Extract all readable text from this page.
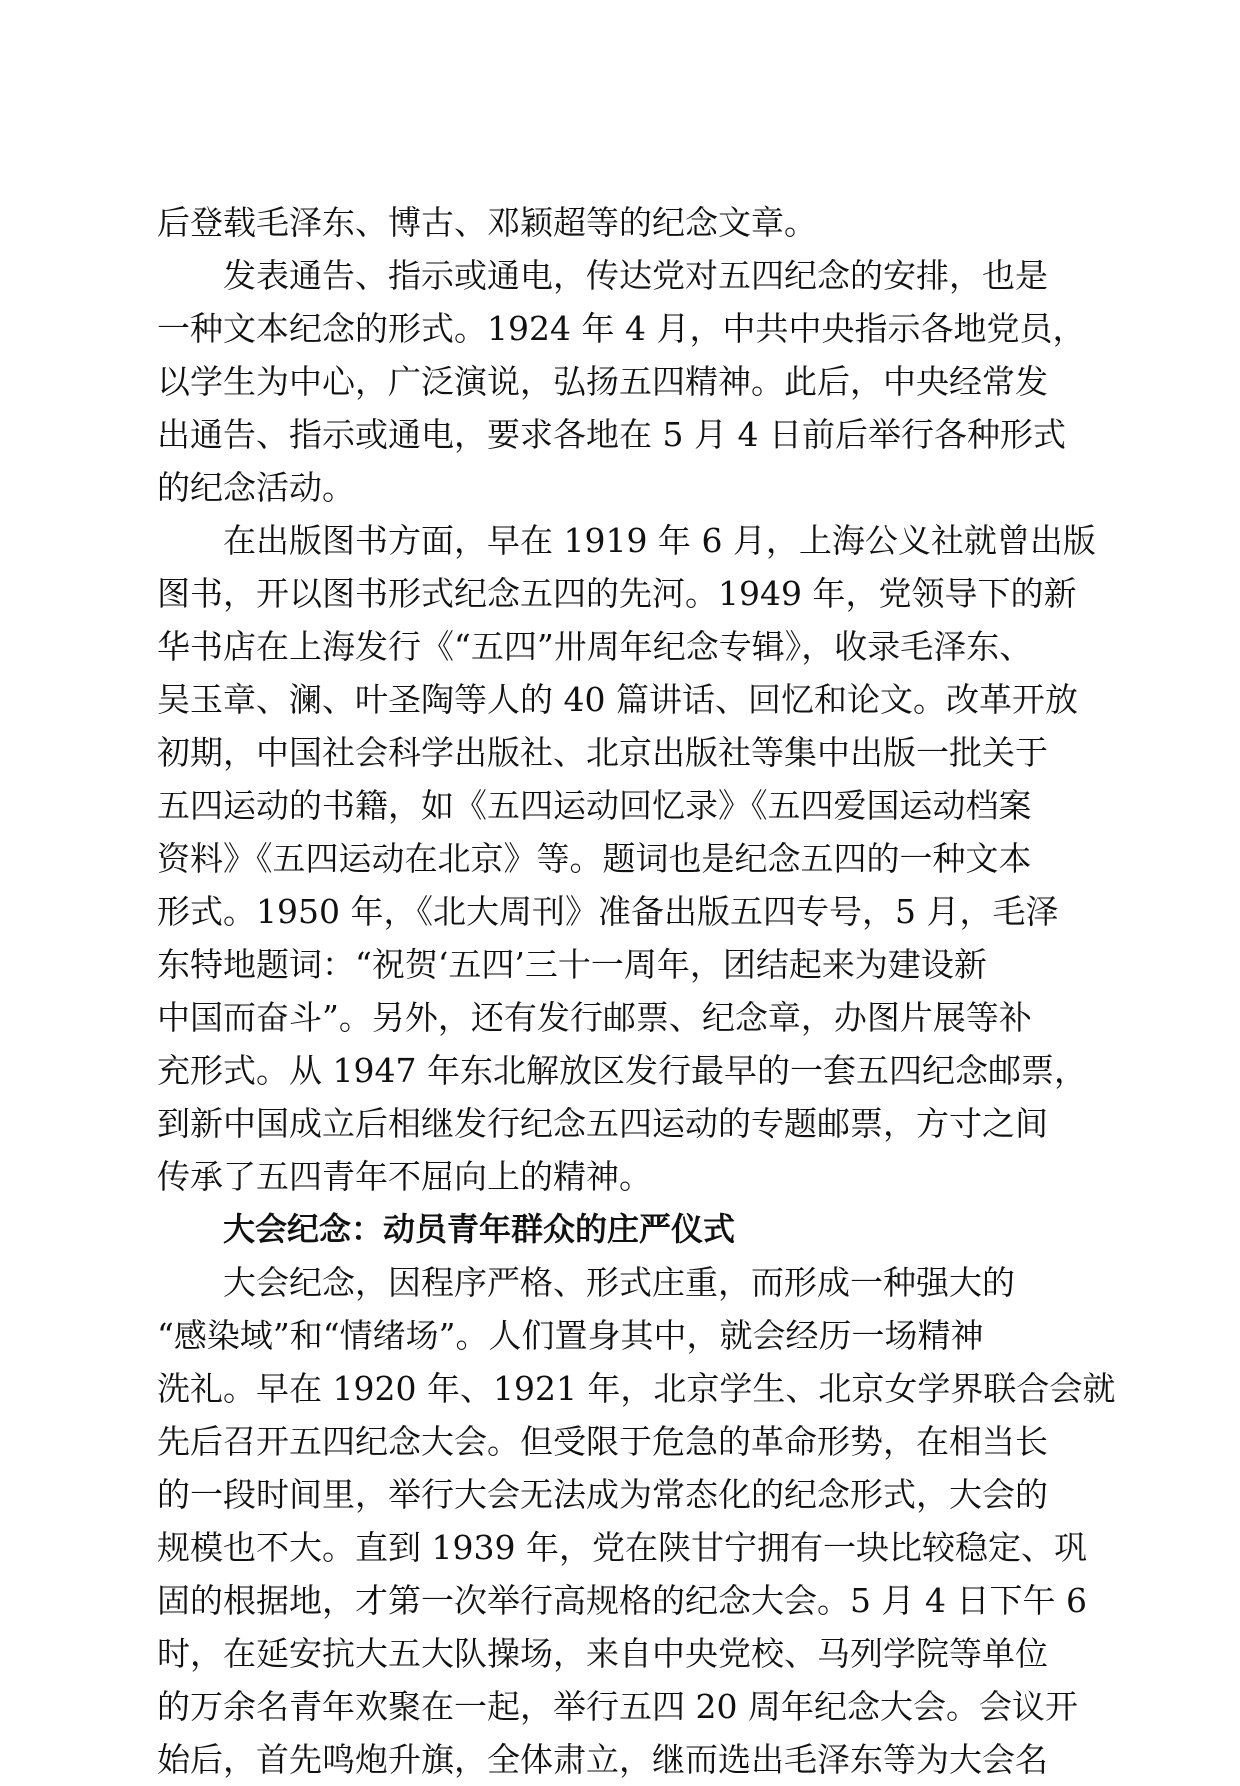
后登载毛泽东、博古、邓颖超等的纪念文章。
发表通告、指示或通电，传达党对五四纪念的安排，也是
一种文本纪念的形式。1924 年 4 月，中共中央指示各地党员，
以学生为中心，广泛演说，弘扬五四精神。此后，中央经常发
出通告、指示或通电，要求各地在 5 月 4 日前后举行各种形式
的纪念活动。
在出版图书方面，早在 1919 年 6 月，上海公义社就曾出版
图书，开以图书形式纪念五四的先河。1949 年，党领导下的新
华书店在上海发行《“五四”卅周年纪念专辑》，收录毛泽东、
吴玉章、澜、叶圣陶等人的 40 篇讲话、回忆和论文。改革开放
初期，中国社会科学出版社、北京出版社等集中出版一批关于
五四运动的书籍，如《五四运动回忆录》《五四爱国运动档案
资料》《五四运动在北京》等。题词也是纪念五四的一种文本
形式。1950 年，《北大周刊》准备出版五四专号，5 月，毛泽
东特地题词：“祝贺‘五四’三十一周年，团结起来为建设新
中国而奋斗”。另外，还有发行邮票、纪念章，办图片展等补
充形式。从 1947 年东北解放区发行最早的一套五四纪念邮票，
到新中国成立后相继发行纪念五四运动的专题邮票，方寸之间
传承了五四青年不屈向上的精神。
大会纪念：动员青年群众的庄严仪式
大会纪念，因程序严格、形式庄重，而形成一种强大的
“感染域”和“情绪场”。人们置身其中，就会经历一场精神
洗礼。早在 1920 年、1921 年，北京学生、北京女学界联合会就
先后召开五四纪念大会。但受限于危急的革命形势，在相当长
的一段时间里，举行大会无法成为常态化的纪念形式，大会的
规模也不大。直到 1939 年，党在陕甘宁拥有一块比较稳定、巩
固的根据地，才第一次举行高规格的纪念大会。5 月 4 日下午 6
时，在延安抗大五大队操场，来自中央党校、马列学院等单位
的万余名青年欢聚在一起，举行五四 20 周年纪念大会。会议开
始后，首先鸣炮升旗，全体肃立，继而选出毛泽东等为大会名
